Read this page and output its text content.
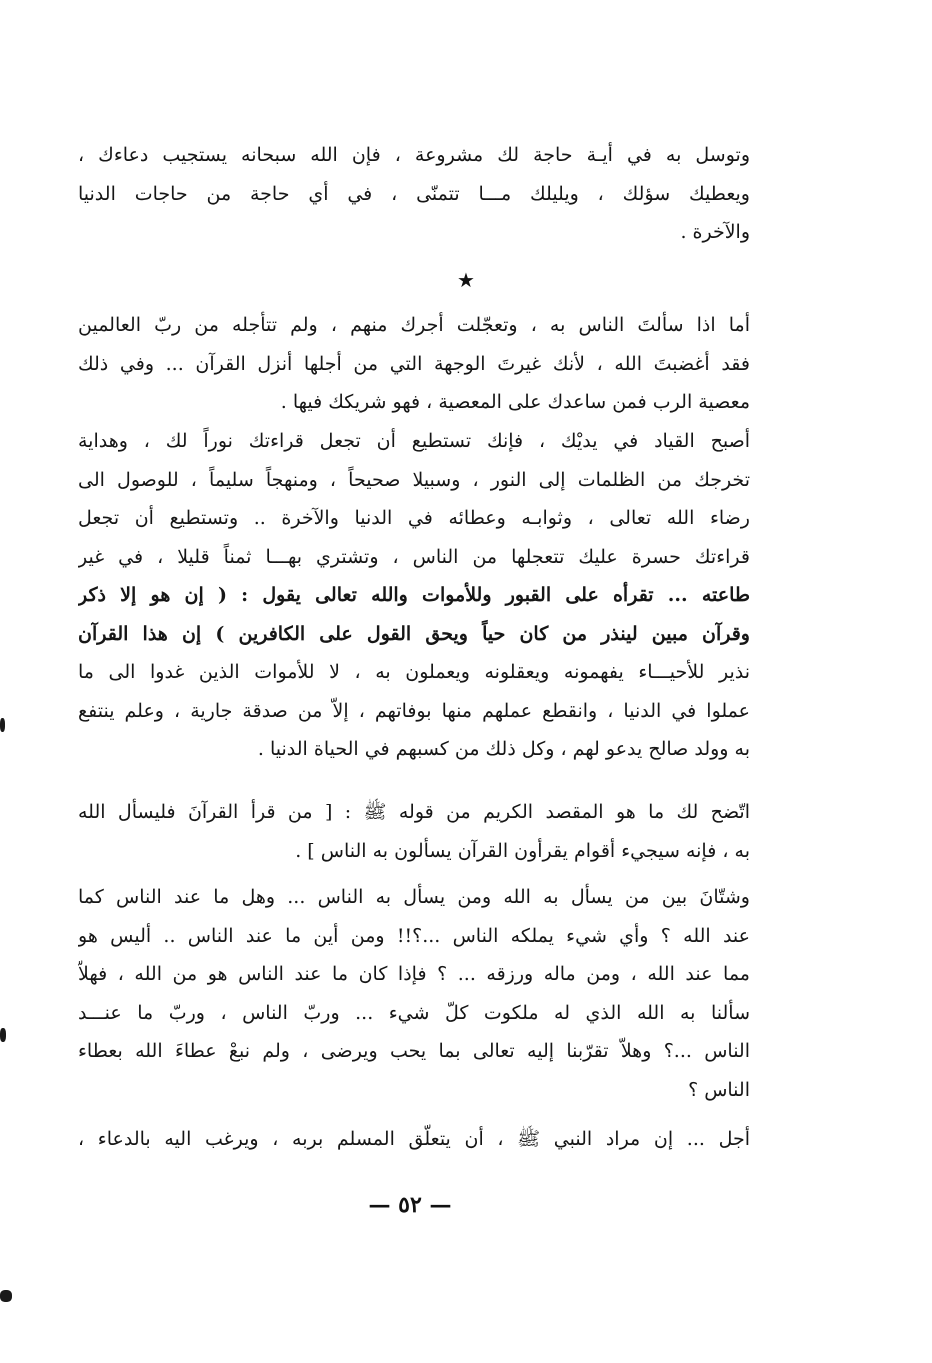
وتوسل به في أيـة حاجة لك مشروعة ، فإن الله سبحانه يستجيب دعاءك ،
ويعطيك سؤلك ، ويليلك مـــا تتمنّى ، في أي حاجة من حاجات الدنيا
والآخرة .
★
أما اذا سألتَ الناس به ، وتعجّلت أجرك منهم ، ولم تتأجله من ربّ العالمين
فقد أغضبتَ الله ، لأنك غيرتَ الوجهة التي من أجلها أنزل القرآن ... وفي ذلك
معصية الرب فمن ساعدك على المعصية ، فهو شريكك فيها .
أصبح القياد في يديْك ، فإنك تستطيع أن تجعل قراءتك نوراً لك ، وهداية
تخرجك من الظلمات إلى النور ، وسبيلا صحيحاً ، ومنهجاً سليماً ، للوصول الى
رضاء الله تعالى ، وثوابـه وعطائه في الدنيا والآخرة .. وتستطيع أن تجعل
قراءتك حسرة عليك تتعجلها من الناس ، وتشتري بهـــا ثمناً قليلا ، في غير
طاعته ... تقرأه على القبور وللأموات والله تعالى يقول : ( إن هو إلا ذكر
وقرآن مبين لينذر من كان حياً ويحق القول على الكافرين ) إن هذا القرآن
نذير للأحيـــاء يفهمونه ويعقلونه ويعملون به ، لا للأموات الذين غدوا الى ما
عملوا في الدنيا ، وانقطع عملهم منها بوفاتهم ، إلاّ من صدقة جارية ، وعلم ينتفع
به وولد صالح يدعو لهم ، وكل ذلك من كسبهم في الحياة الدنيا .
اتّضح لك ما هو المقصد الكريم من قوله ﷺ : [ من قرأ القرآنَ فليسأل الله
به ، فإنه سيجيء أقوام يقرأون القرآن يسألون به الناس ] .
وشتّانَ بين من يسأل به الله ومن يسأل به الناس ... وهل ما عند الناس كما
عند الله ؟ وأي شيء يملكه الناس ...؟!! ومن أين ما عند الناس .. أليس هو
مما عند الله ، ومن ماله ورزقه ... ؟ فإذا كان ما عند الناس هو من الله ، فهلاّ
سألنا به الله الذي له ملكوت كلّ شيء ... وربّ الناس ، وربّ ما عنـــد
الناس ...؟ وهلاّ تقرّبنا إليه تعالى بما يحب ويرضى ، ولم نبعْ عطاءَ الله بعطاء
الناس ؟
أجل ... إن مراد النبي ﷺ ، أن يتعلّق المسلم بربه ، ويرغب اليه بالدعاء ،
— ٥٢ —
